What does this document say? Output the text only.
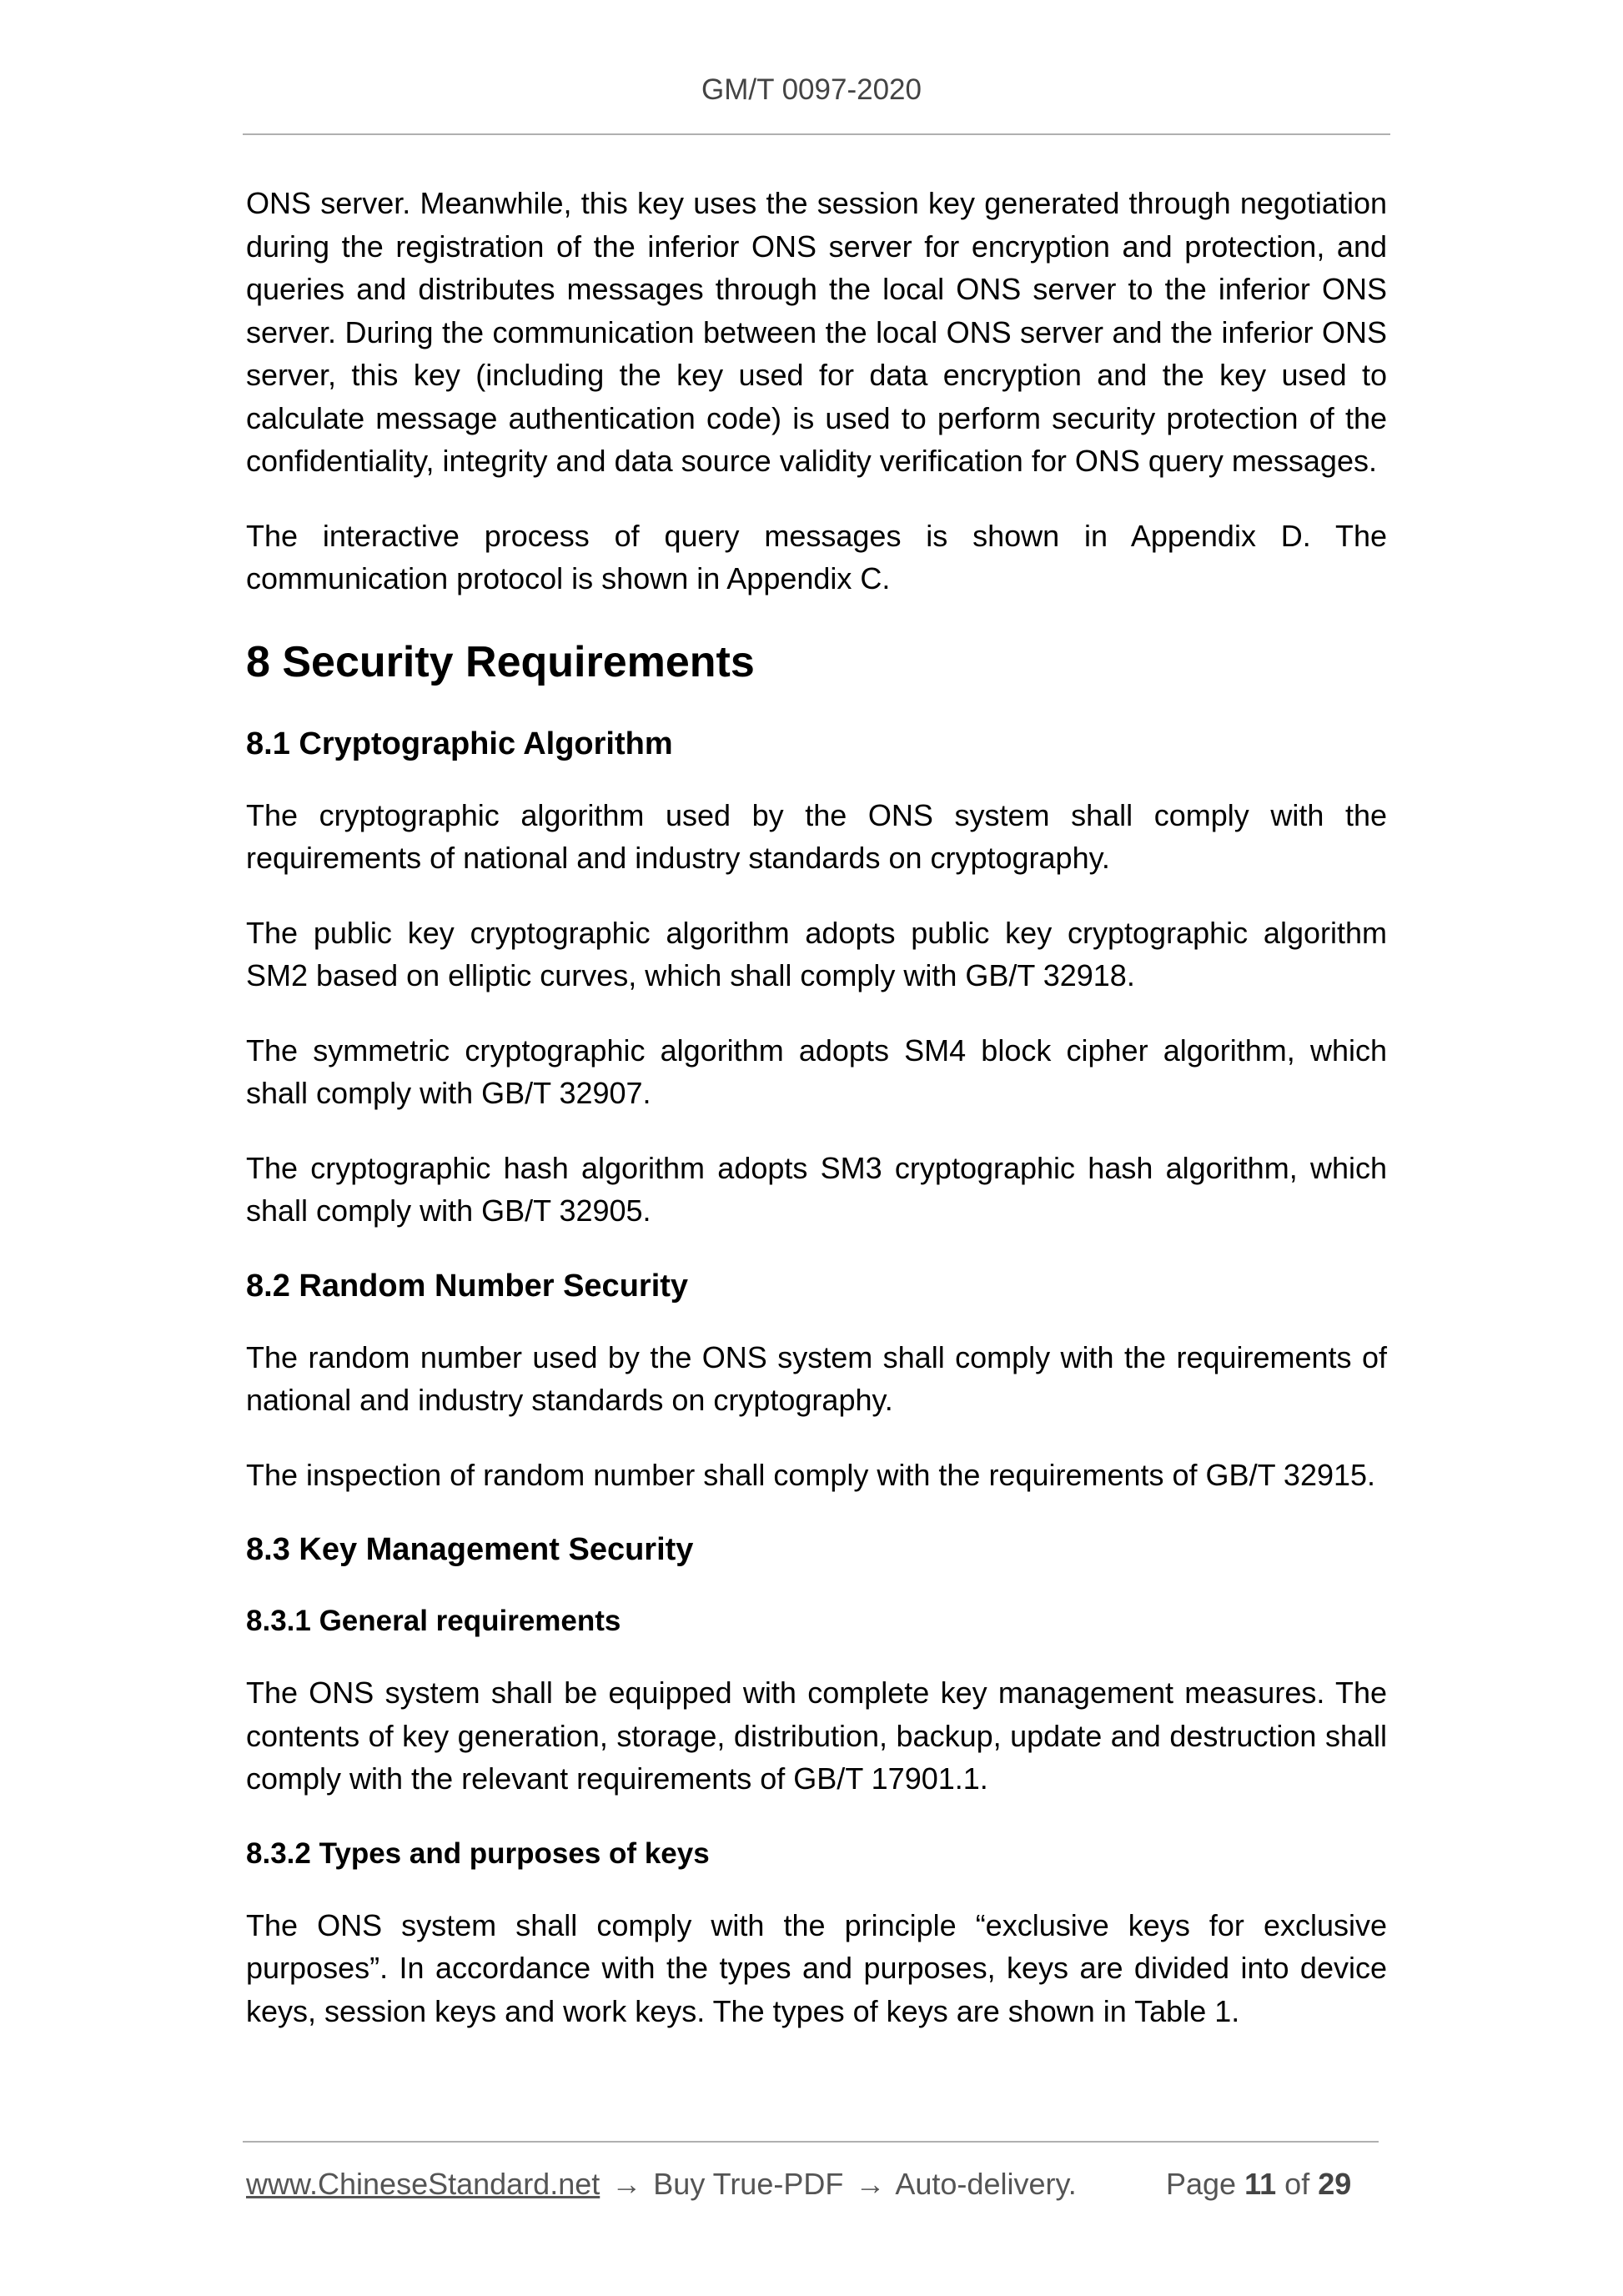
GM/T 0097-2020

ONS server. Meanwhile, this key uses the session key generated through negotiation during the registration of the inferior ONS server for encryption and protection, and queries and distributes messages through the local ONS server to the inferior ONS server. During the communication between the local ONS server and the inferior ONS server, this key (including the key used for data encryption and the key used to calculate message authentication code) is used to perform security protection of the confidentiality, integrity and data source validity verification for ONS query messages.

The interactive process of query messages is shown in Appendix D. The communication protocol is shown in Appendix C.

8 Security Requirements
8.1 Cryptographic Algorithm

The cryptographic algorithm used by the ONS system shall comply with the requirements of national and industry standards on cryptography.

The public key cryptographic algorithm adopts public key cryptographic algorithm SM2 based on elliptic curves, which shall comply with GB/T 32918.

The symmetric cryptographic algorithm adopts SM4 block cipher algorithm, which shall comply with GB/T 32907.

The cryptographic hash algorithm adopts SM3 cryptographic hash algorithm, which shall comply with GB/T 32905.

8.2 Random Number Security

The random number used by the ONS system shall comply with the requirements of national and industry standards on cryptography.

The inspection of random number shall comply with the requirements of GB/T 32915.

8.3 Key Management Security
8.3.1 General requirements

The ONS system shall be equipped with complete key management measures. The contents of key generation, storage, distribution, backup, update and destruction shall comply with the relevant requirements of GB/T 17901.1.

8.3.2 Types and purposes of keys

The ONS system shall comply with the principle “exclusive keys for exclusive purposes”. In accordance with the types and purposes, keys are divided into device keys, session keys and work keys. The types of keys are shown in Table 1.

www.ChineseStandard.net → Buy True-PDF → Auto-delivery.	Page 11 of 29
